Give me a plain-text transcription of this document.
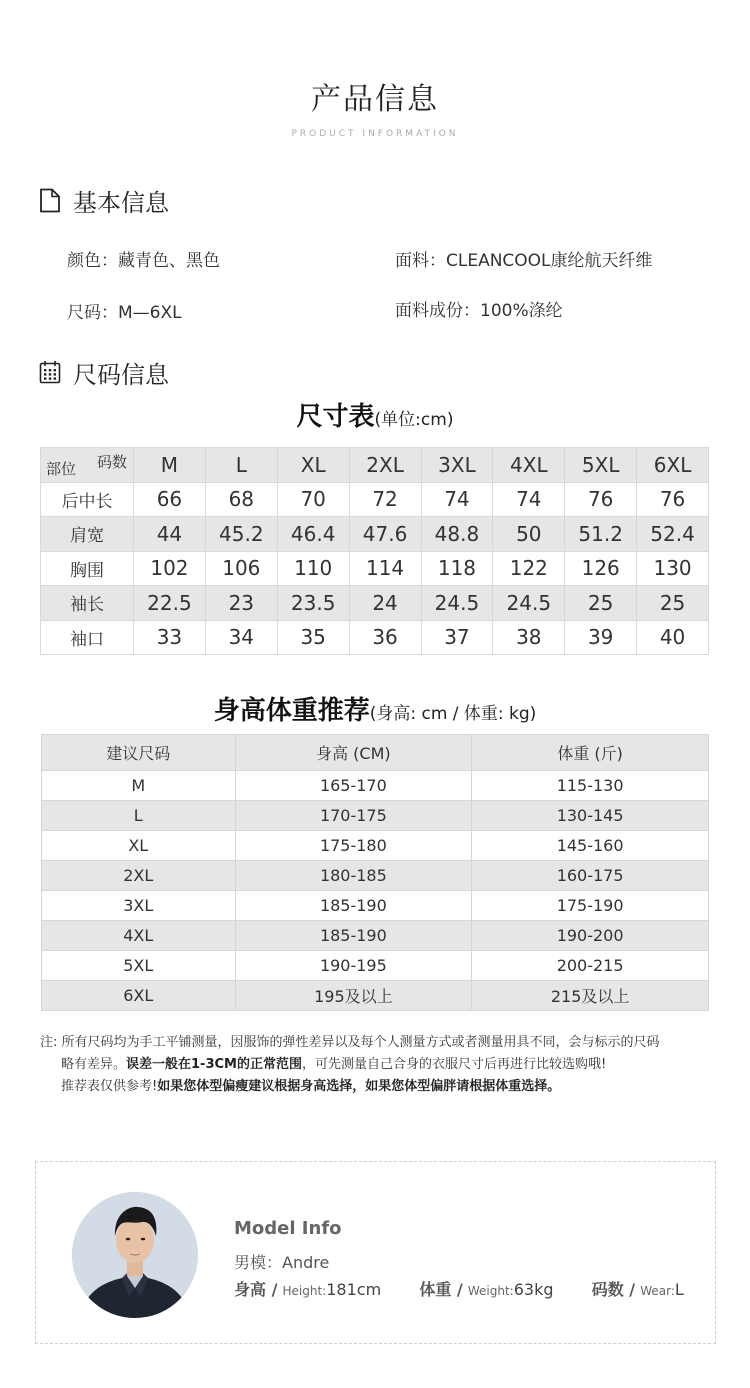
产品信息
PRODUCT INFORMATION
基本信息
颜色：藏青色、黑色	面料：CLEANCOOL康纶航天纤维
尺码：M—6XL	面料成份：100%涤纶
尺码信息
尺寸表(单位:cm)
码数
部位	M	L	XL	2XL	3XL	4XL	5XL	6XL
后中长	66	68	70	72	74	74	76	76
肩宽	44	45.2	46.4	47.6	48.8	50	51.2	52.4
胸围	102	106	110	114	118	122	126	130
袖长	22.5	23	23.5	24	24.5	24.5	25	25
袖口	33	34	35	36	37	38	39	40
身高体重推荐(身高: cm / 体重: kg)
建议尺码	身高 (CM)	体重 (斤)
M	165-170	115-130
L	170-175	130-145
XL	175-180	145-160
2XL	180-185	160-175
3XL	185-190	175-190
4XL	185-190	190-200
5XL	190-195	200-215
6XL	195及以上	215及以上

注: 所有尺码均为手工平铺测量，因服饰的弹性差异以及每个人测量方式或者测量用具不同，会与标示的尺码

略有差异。误差一般在1-3CM的正常范围，可先测量自己合身的衣服尺寸后再进行比较选购哦!

推荐表仅供参考!如果您体型偏瘦建议根据身高选择，如果您体型偏胖请根据体重选择。

Model Info
男模：Andre
身高 / Height:181cm 体重 / Weight:63kg 码数 / Wear:L
